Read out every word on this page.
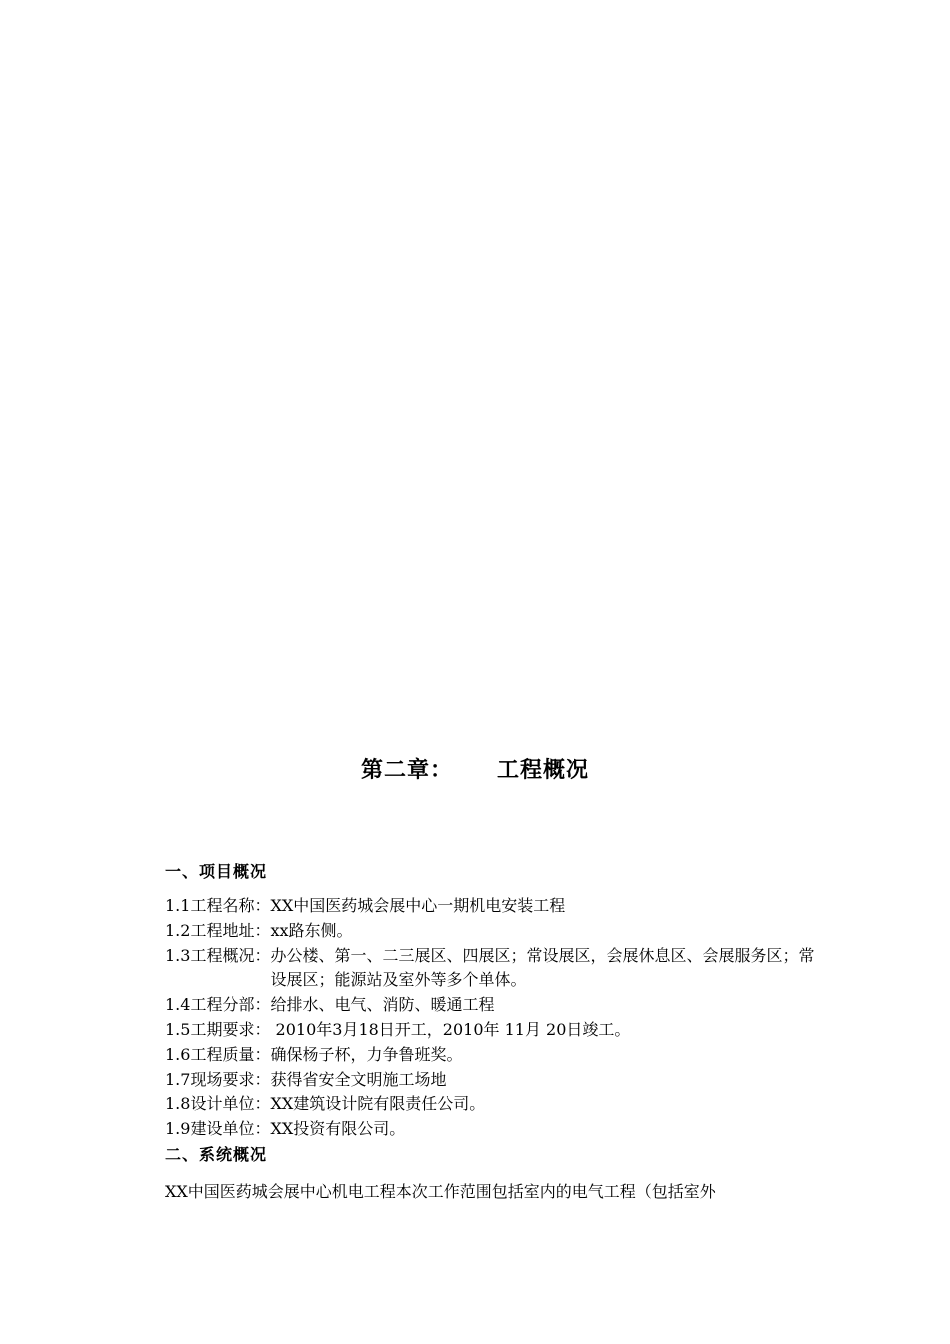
第二章： 工程概况
一、项目概况
1.1工程名称： XX中国医药城会展中心一期机电安装工程
1.2工程地址： xx路东侧。
1.3工程概况： 办公楼、第一、二三展区、四展区；常设展区，会展休息区、会展服务区；常设展区；能源站及室外等多个单体。
1.4工程分部： 给排水、电气、消防、暖通工程
1.5工期要求： 2010年3月18日开工，2010年 11月 20日竣工。
1.6工程质量： 确保杨子杯，力争鲁班奖。
1.7现场要求： 获得省安全文明施工场地
1.8设计单位： XX建筑设计院有限责任公司。
1.9建设单位： XX投资有限公司。
二、系统概况
XX中国医药城会展中心机电工程本次工作范围包括室内的电气工程（包括室外
